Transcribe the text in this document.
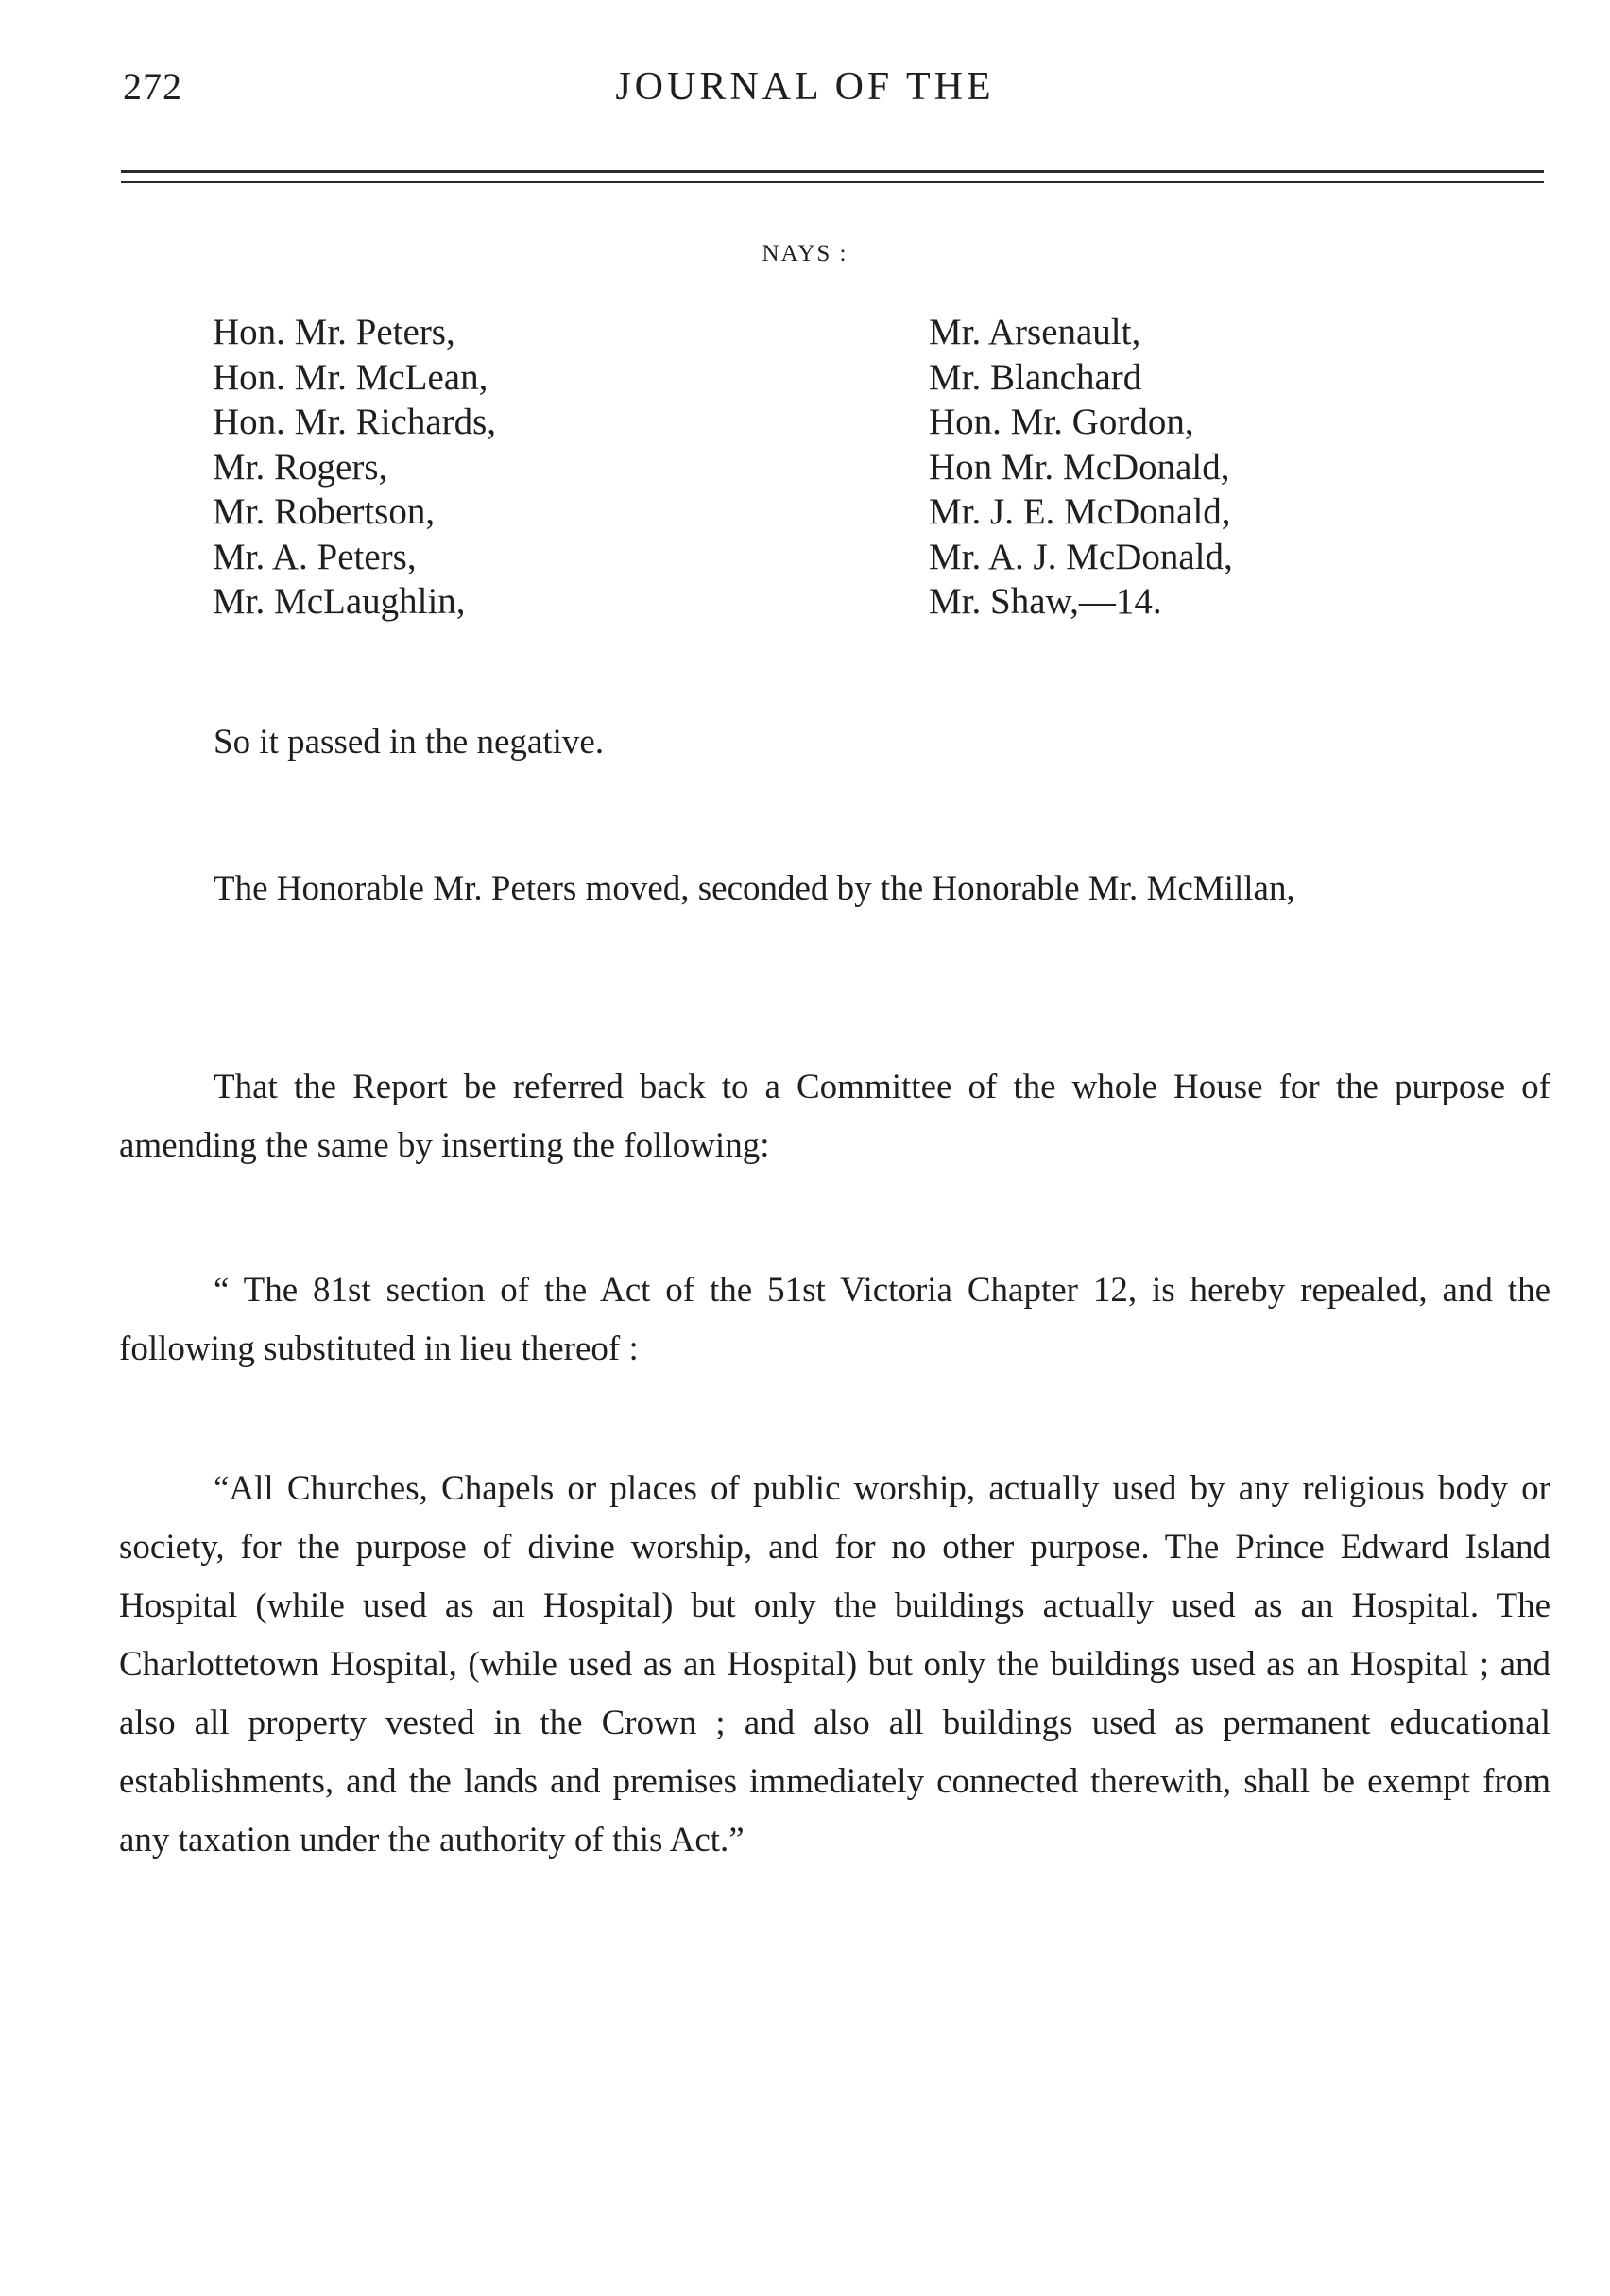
272	JOURNAL OF THE
NAYS :
Hon. Mr. Peters,
Hon. Mr. McLean,
Hon. Mr. Richards,
Mr. Rogers,
Mr. Robertson,
Mr. A. Peters,
Mr. McLaughlin,
Mr. Arsenault,
Mr. Blanchard
Hon. Mr. Gordon,
Hon Mr. McDonald,
Mr. J. E. McDonald,
Mr. A. J. McDonald,
Mr. Shaw,—14.

So it passed in the negative.

The Honorable Mr. Peters moved, seconded by the Honorable Mr. McMillan,

That the Report be referred back to a Committee of the whole House for the purpose of amending the same by inserting the following:

“ The 81st section of the Act of the 51st Victoria Chapter 12, is hereby repealed, and the following substituted in lieu thereof :

“All Churches, Chapels or places of public worship, actually used by any religious body or society, for the purpose of divine worship, and for no other purpose. The Prince Edward Island Hospital (while used as an Hospital) but only the buildings actually used as an Hospital. The Charlottetown Hospital, (while used as an Hospital) but only the buildings used as an Hospital ; and also all property vested in the Crown ; and also all buildings used as permanent educational establishments, and the lands and premises immediately connected therewith, shall be exempt from any taxation under the authority of this Act.”
